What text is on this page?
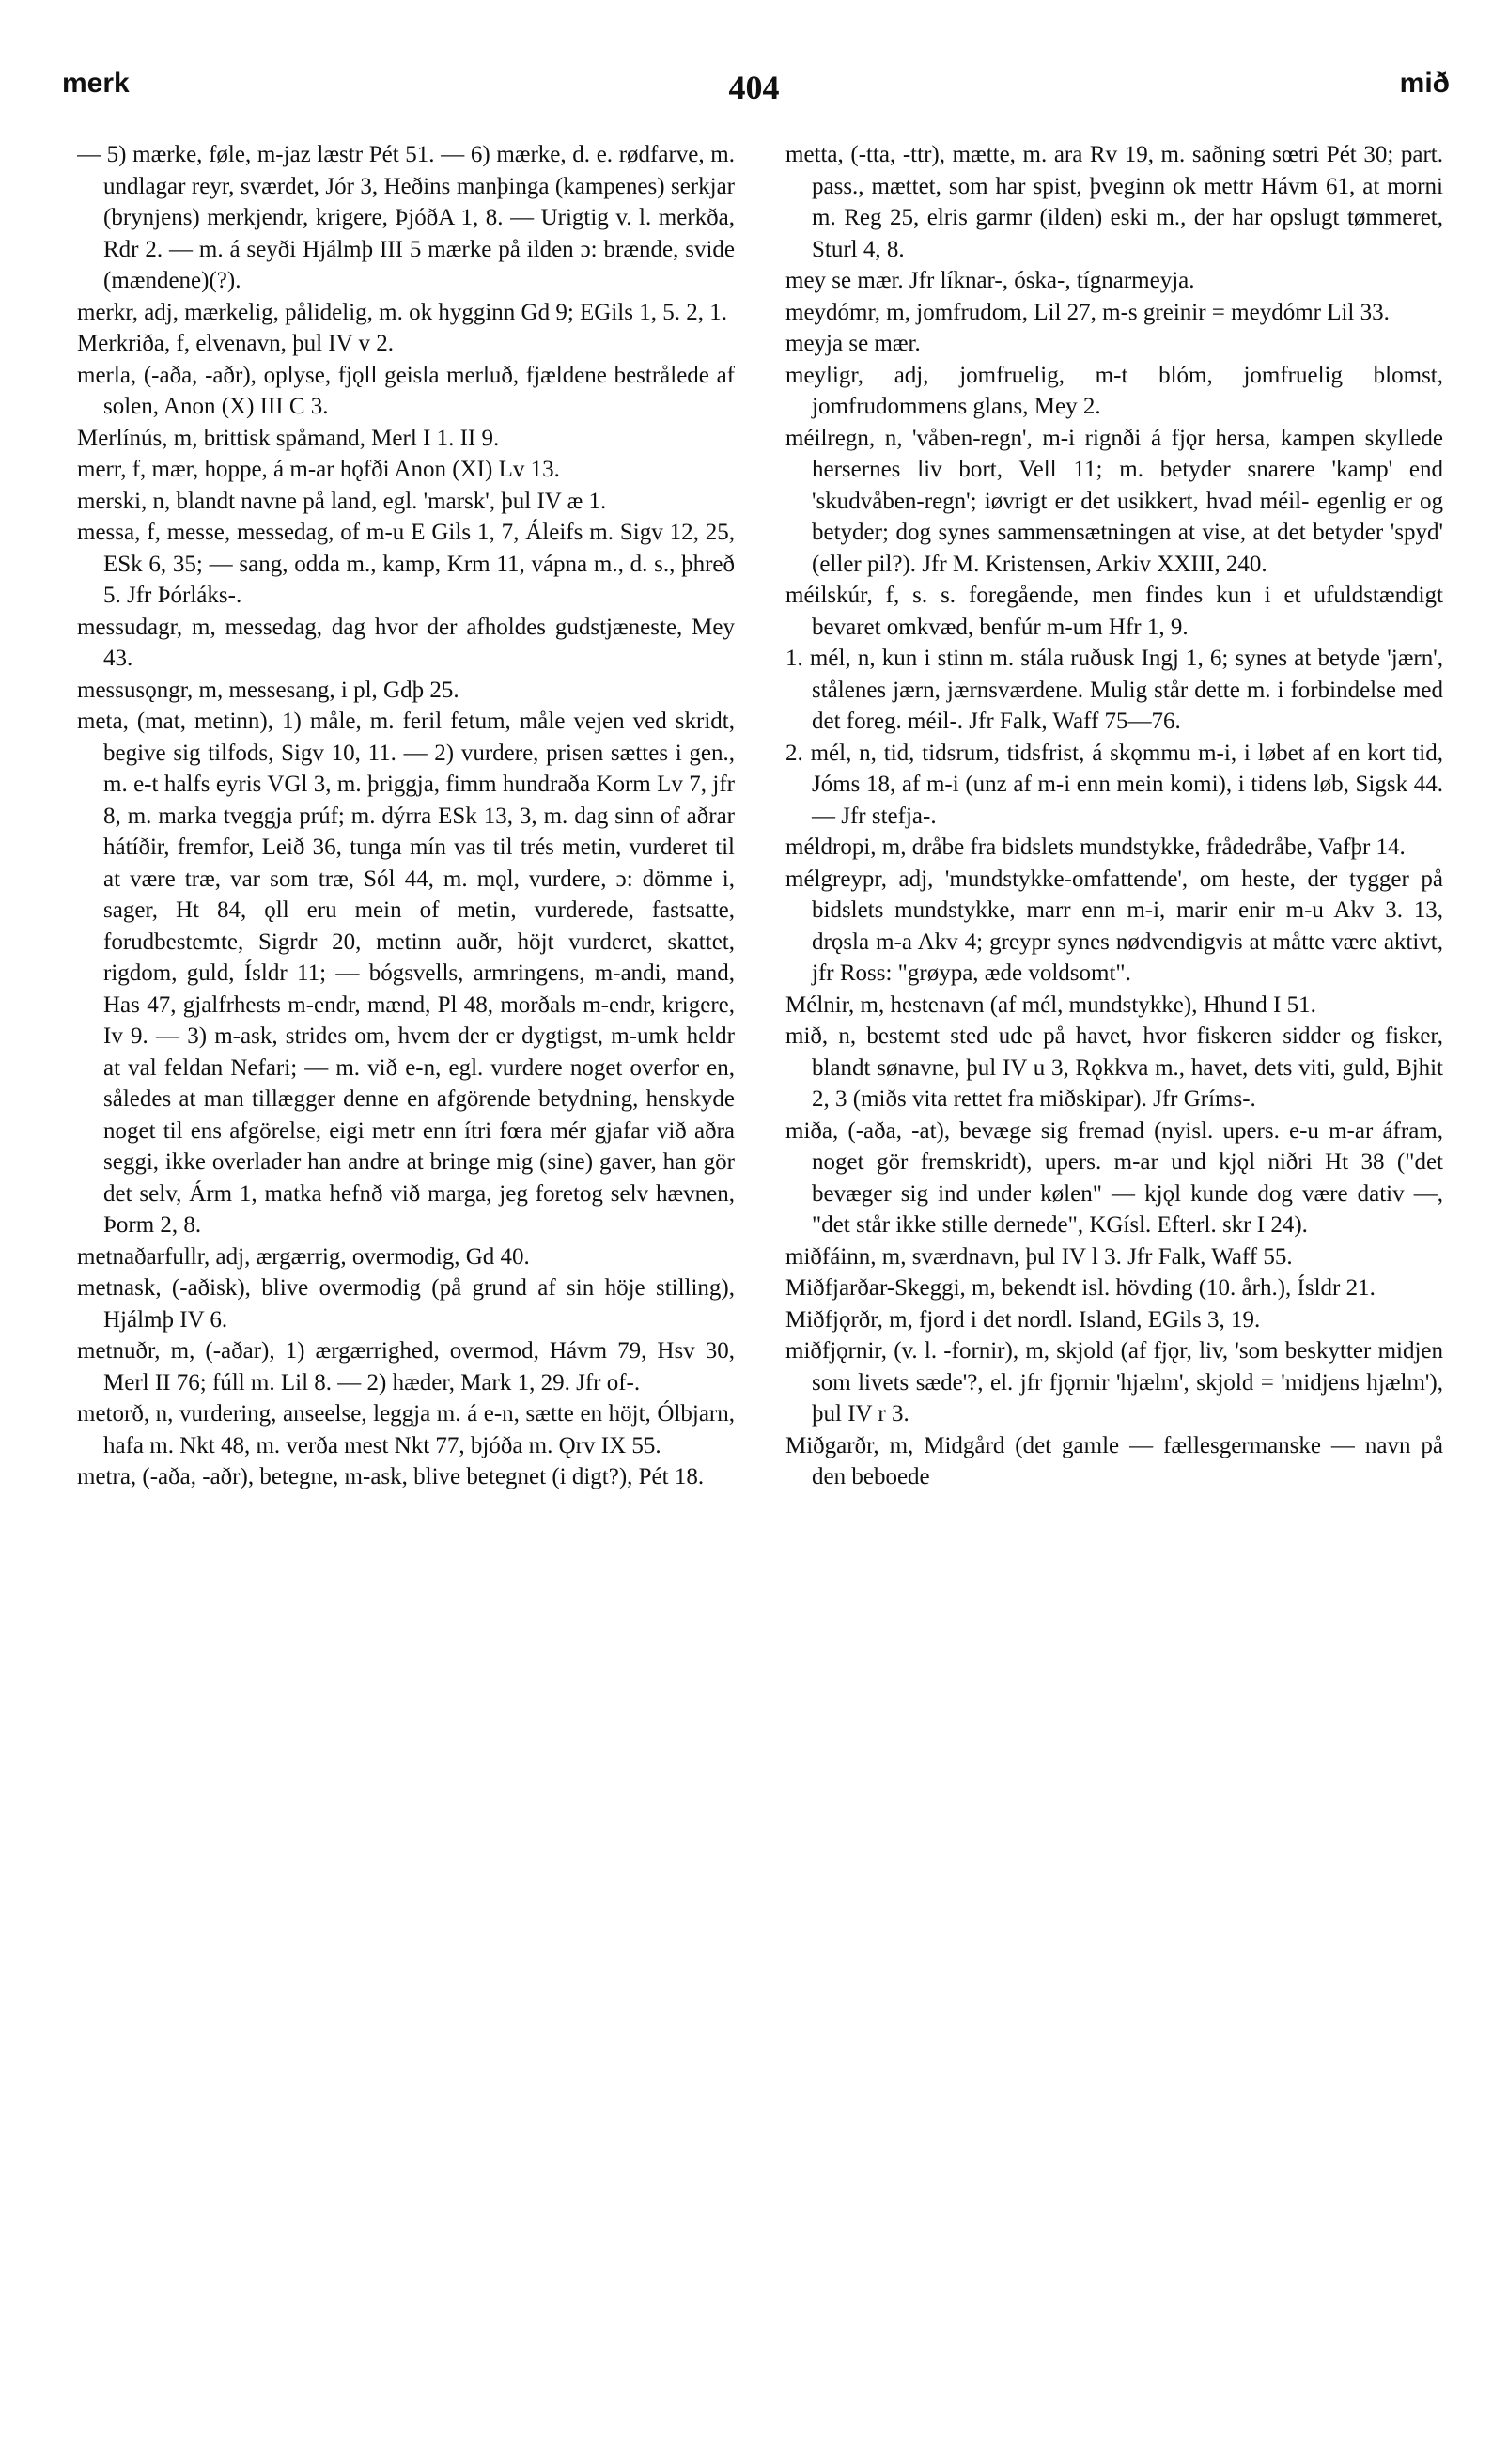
404
merk	mið

— 5) mærke, føle, m-jaz læstr Pét 51. — 6) mærke, d. e. rødfarve, m. undlagar reyr, sværdet, Jór 3, Heðins manþinga (kampenes) serkjar (brynjens) merkjendr, krigere, ÞjóðA 1, 8. — Urigtig v. l. merkða, Rdr 2. — m. á seyði Hjálmþ III 5 mærke på ilden ɔ: brænde, svide (mændene)(?).

merkr, adj, mærkelig, pålidelig, m. ok hygginn Gd 9; EGils 1, 5. 2, 1.

Merkriða, f, elvenavn, þul IV v 2.

merla, (-aða, -aðr), oplyse, fjǫll geisla merluð, fjældene bestrålede af solen, Anon (X) III C 3.

Merlínús, m, brittisk spåmand, Merl I 1. II 9.

merr, f, mær, hoppe, á m-ar hǫfði Anon (XI) Lv 13.

merski, n, blandt navne på land, egl. 'marsk', þul IV æ 1.

messa, f, messe, messedag, of m-u E Gils 1, 7, Áleifs m. Sigv 12, 25, ESk 6, 35; — sang, odda m., kamp, Krm 11, vápna m., d. s., þhreð 5. Jfr Þórláks-.

messudagr, m, messedag, dag hvor der afholdes gudstjæneste, Mey 43.

messusǫngr, m, messesang, i pl, Gdþ 25.

meta, (mat, metinn), 1) måle, m. feril fetum, måle vejen ved skridt, begive sig tilfods, Sigv 10, 11. — 2) vurdere, prisen sættes i gen., m. e-t halfs eyris VGl 3, m. þriggja, fimm hundraða Korm Lv 7, jfr 8, m. marka tveggja prúf; m. dýrra ESk 13, 3, m. dag sinn of aðrar hátíðir, fremfor, Leið 36, tunga mín vas til trés metin, vurderet til at være træ, var som træ, Sól 44, m. mǫl, vurdere, ɔ: dömme i, sager, Ht 84, ǫll eru mein of metin, vurderede, fastsatte, forudbestemte, Sigrdr 20, metinn auðr, höjt vurderet, skattet, rigdom, guld, Ísldr 11; — bógsvells, armringens, m-andi, mand, Has 47, gjalfrhests m-endr, mænd, Pl 48, morðals m-endr, krigere, Iv 9. — 3) m-ask, strides om, hvem der er dygtigst, m-umk heldr at val feldan Nefari; — m. við e-n, egl. vurdere noget overfor en, således at man tillægger denne en afgörende betydning, henskyde noget til ens afgörelse, eigi metr enn ítri fœra mér gjafar við aðra seggi, ikke overlader han andre at bringe mig (sine) gaver, han gör det selv, Árm 1, matka hefnð við marga, jeg foretog selv hævnen, Þorm 2, 8.

metnaðarfullr, adj, ærgærrig, overmodig, Gd 40.

metnask, (-aðisk), blive overmodig (på grund af sin höje stilling), Hjálmþ IV 6.

metnuðr, m, (-aðar), 1) ærgærrighed, overmod, Hávm 79, Hsv 30, Merl II 76; fúll m. Lil 8. — 2) hæder, Mark 1, 29. Jfr of-.

metorð, n, vurdering, anseelse, leggja m. á e-n, sætte en höjt, Ólbjarn, hafa m. Nkt 48, m. verða mest Nkt 77, bjóða m. Ǫrv IX 55.

metra, (-aða, -aðr), betegne, m-ask, blive betegnet (i digt?), Pét 18.

metta, (-tta, -ttr), mætte, m. ara Rv 19, m. saðning sœtri Pét 30; part. pass., mættet, som har spist, þveginn ok mettr Hávm 61, at morni m. Reg 25, elris garmr (ilden) eski m., der har opslugt tømmeret, Sturl 4, 8.

mey se mær. Jfr líknar-, óska-, tígnarmeyja.

meydómr, m, jomfrudom, Lil 27, m-s greinir = meydómr Lil 33.

meyja se mær.

meyligr, adj, jomfruelig, m-t blóm, jomfruelig blomst, jomfrudommens glans, Mey 2.

méilregn, n, 'våben-regn', m-i rignði á fjǫr hersa, kampen skyllede hersernes liv bort, Vell 11; m. betyder snarere 'kamp' end 'skudvåben-regn'; iøvrigt er det usikkert, hvad méil- egenlig er og betyder; dog synes sammensætningen at vise, at det betyder 'spyd' (eller pil?). Jfr M. Kristensen, Arkiv XXIII, 240.

méilskúr, f, s. s. foregående, men findes kun i et ufuldstændigt bevaret omkvæd, benfúr m-um Hfr 1, 9.

1. mél, n, kun i stinn m. stála ruðusk Ingj 1, 6; synes at betyde 'jærn', stålenes jærn, jærnsværdene. Mulig står dette m. i forbindelse med det foreg. méil-. Jfr Falk, Waff 75—76.

2. mél, n, tid, tidsrum, tidsfrist, á skǫmmu m-i, i løbet af en kort tid, Jóms 18, af m-i (unz af m-i enn mein komi), i tidens løb, Sigsk 44. — Jfr stefja-.

méldropi, m, dråbe fra bidslets mundstykke, frådedråbe, Vafþr 14.

mélgreypr, adj, 'mundstykke-omfattende', om heste, der tygger på bidslets mundstykke, marr enn m-i, marir enir m-u Akv 3. 13, drǫsla m-a Akv 4; greypr synes nødvendigvis at måtte være aktivt, jfr Ross: "grøypa, æde voldsomt".

Mélnir, m, hestenavn (af mél, mundstykke), Hhund I 51.

mið, n, bestemt sted ude på havet, hvor fiskeren sidder og fisker, blandt sønavne, þul IV u 3, Rǫkkva m., havet, dets viti, guld, Bjhit 2, 3 (miðs vita rettet fra miðskipar). Jfr Gríms-.

miða, (-aða, -at), bevæge sig fremad (nyisl. upers. e-u m-ar áfram, noget gör fremskridt), upers. m-ar und kjǫl niðri Ht 38 ("det bevæger sig ind under kølen" — kjǫl kunde dog være dativ —, "det står ikke stille dernede", KGísl. Efterl. skr I 24).

miðfáinn, m, sværdnavn, þul IV l 3. Jfr Falk, Waff 55.

Miðfjarðar-Skeggi, m, bekendt isl. hövding (10. årh.), Ísldr 21.

Miðfjǫrðr, m, fjord i det nordl. Island, EGils 3, 19.

miðfjǫrnir, (v. l. -fornir), m, skjold (af fjǫr, liv, 'som beskytter midjen som livets sæde'?, el. jfr fjǫrnir 'hjælm', skjold = 'midjens hjælm'), þul IV r 3.

Miðgarðr, m, Midgård (det gamle — fællesgermanske — navn på den beboede
